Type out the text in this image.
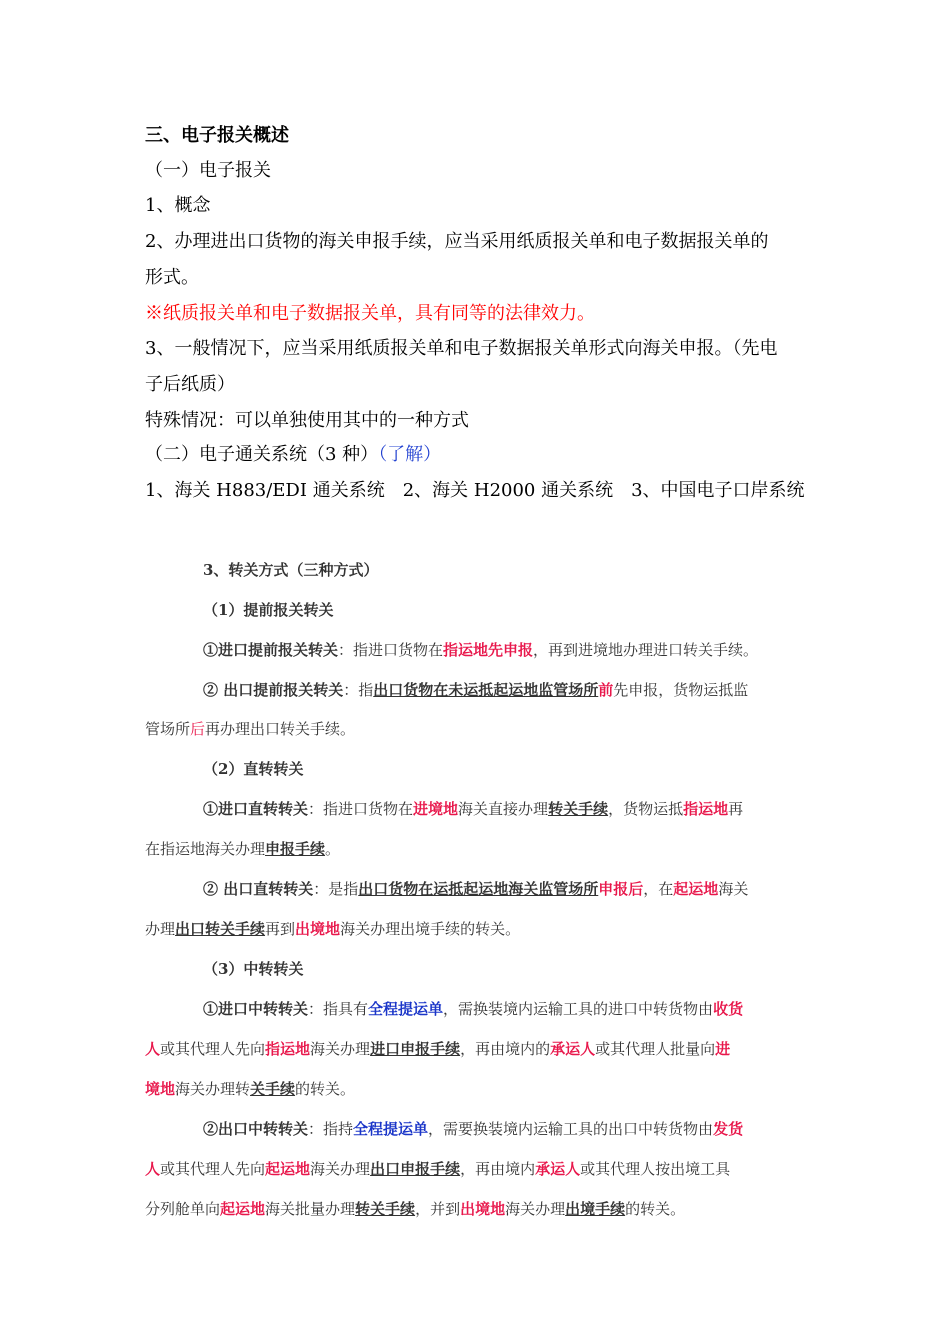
三、电子报关概述
（一）电子报关
1、概念
2、办理进出口货物的海关申报手续，应当采用纸质报关单和电子数据报关单的
形式。
※纸质报关单和电子数据报关单，具有同等的法律效力。
3、一般情况下，应当采用纸质报关单和电子数据报关单形式向海关申报。（先电
子后纸质）
特殊情况：可以单独使用其中的一种方式
（二）电子通关系统（3 种）（了解）
1、海关 H883/EDI 通关系统　2、海关 H2000 通关系统　3、中国电子口岸系统
3、转关方式（三种方式）
（1）提前报关转关
①进口提前报关转关：指进口货物在指运地先申报，再到进境地办理进口转关手续。
② 出口提前报关转关：指出口货物在未运抵起运地监管场所前先申报，货物运抵监
管场所后再办理出口转关手续。
（2）直转转关
①进口直转转关：指进口货物在进境地海关直接办理转关手续，货物运抵指运地再
在指运地海关办理申报手续。
② 出口直转转关：是指出口货物在运抵起运地海关监管场所申报后，在起运地海关
办理出口转关手续再到出境地海关办理出境手续的转关。
（3）中转转关
①进口中转转关：指具有全程提运单，需换装境内运输工具的进口中转货物由收货
人或其代理人先向指运地海关办理进口申报手续，再由境内的承运人或其代理人批量向进
境地海关办理转关手续的转关。
②出口中转转关：指持全程提运单，需要换装境内运输工具的出口中转货物由发货
人或其代理人先向起运地海关办理出口申报手续，再由境内承运人或其代理人按出境工具
分列舱单向起运地海关批量办理转关手续，并到出境地海关办理出境手续的转关。
